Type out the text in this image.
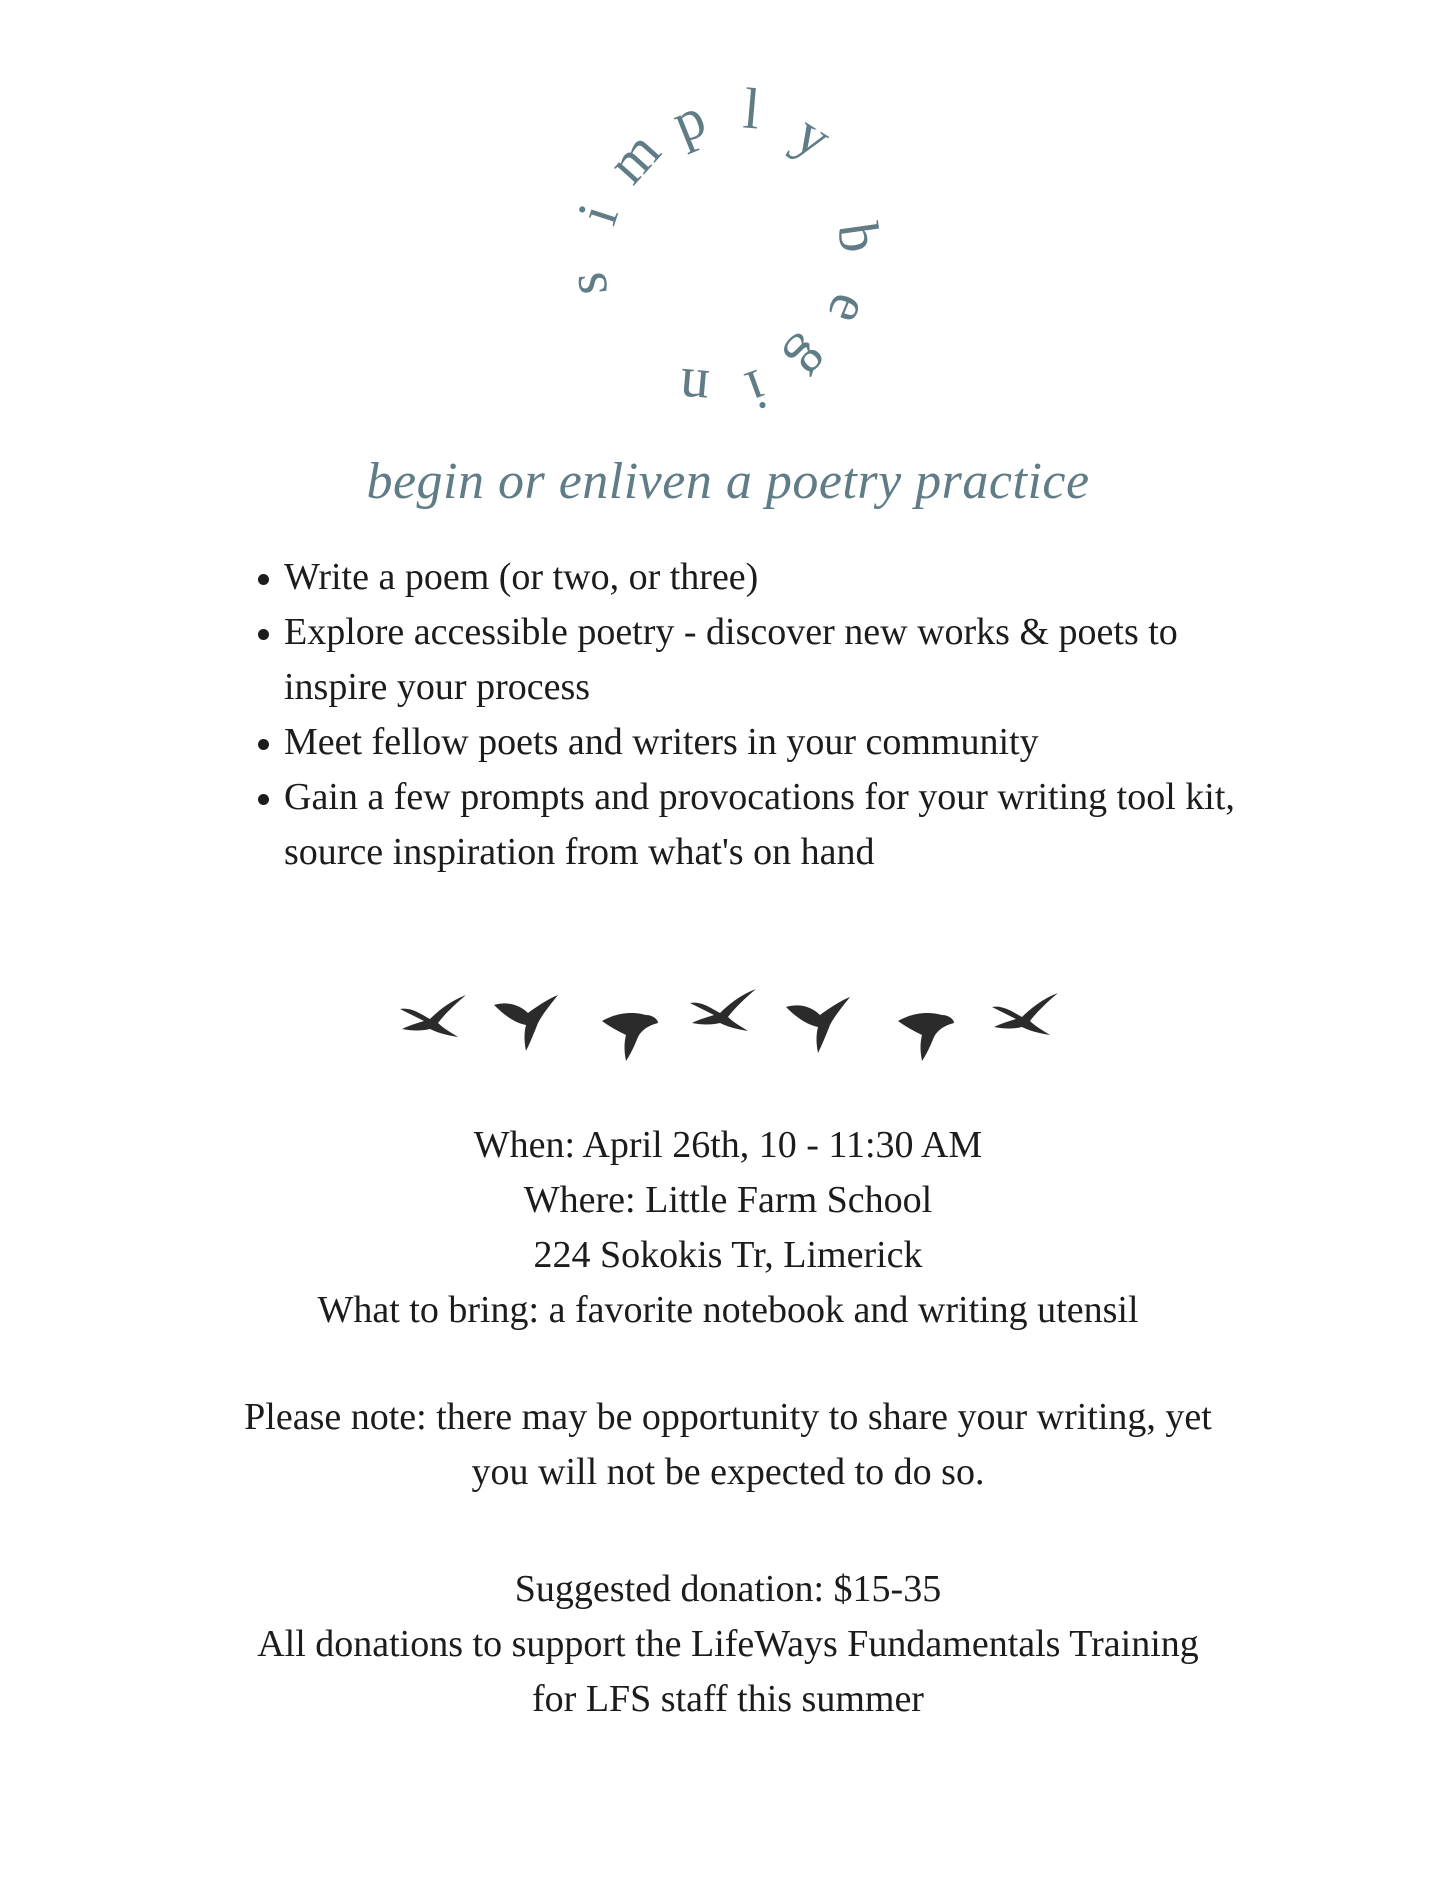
s
i
m
p l y
b
e
g
i
n
begin or enliven a poetry practice
Write a poem (or two, or three)
Explore accessible poetry - discover new works & poets to inspire your process
Meet fellow poets and writers in your community
Gain a few prompts and provocations for your writing tool kit, source inspiration from what's on hand

When: April 26th, 10 - 11:30 AM

Where: Little Farm School

224 Sokokis Tr, Limerick

What to bring: a favorite notebook and writing utensil

Please note: there may be opportunity to share your writing, yet

you will not be expected to do so.

Suggested donation: $15-35

All donations to support the LifeWays Fundamentals Training

for LFS staff this summer
